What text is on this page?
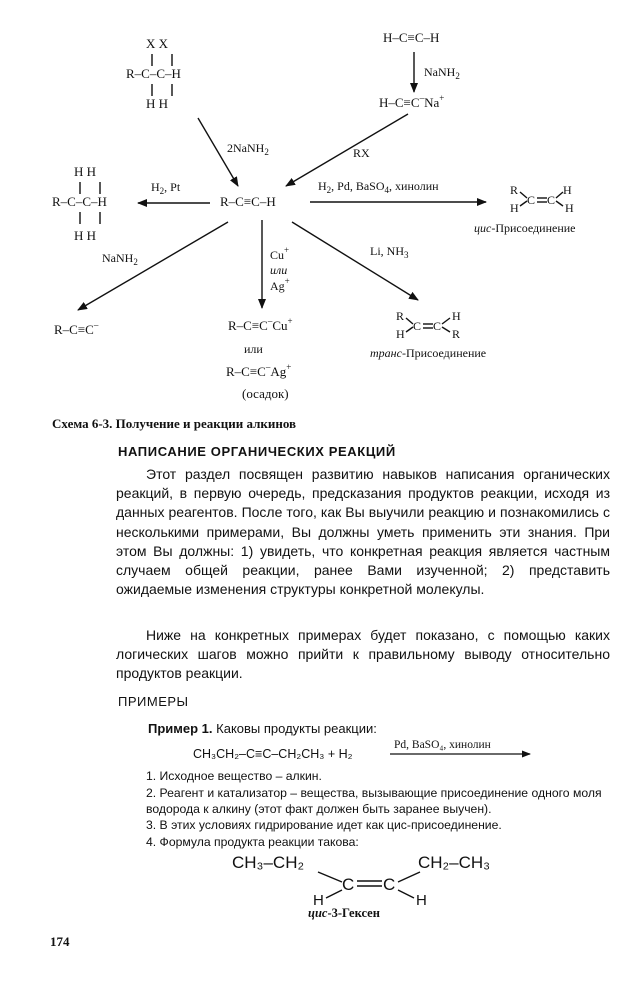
X X
R–C–C–H
H H
H–C≡C–H
NaNH$_2$
H–C≡C–Na+
2NaNH$_2$	RX
R–C≡C–H
$H_2$, Pt
H H
R–C–C–H
H H
$H_2$, Pd, BaSO$_4$, хинолин	R
H
C C
H
H
цис-Присоединение
NaNH$_2$
R–C≡C–
Cu+
или
Ag+
R–C≡C–Cu+
или
R–C≡C–Ag+
(осадок)
Li, $NH_3$
R
H
C C
H
R
транс-Присоединение
Схема 6-3. Получение и реакции алкинов
НАПИСАНИЕ ОРГАНИЧЕСКИХ РЕАКЦИЙ

Этот раздел посвящен развитию навыков написания органических реакций, в первую очередь, предсказания продуктов реакции, исходя из данных реагентов. После того, как Вы выучили реакцию и познакомились с несколькими примерами, Вы должны уметь применить эти знания. При этом Вы должны: 1) увидеть, что конкретная реакция является частным случаем общей реакции, ранее Вами изученной; 2) представить ожидаемые изменения структуры конкретной молекулы.

Ниже на конкретных примерах будет показано, с помощью каких логических шагов можно прийти к правильному выводу относительно продуктов реакции.

ПРИМЕРЫ
Пример 1. Каковы продукты реакции:
CH₃CH₂–C≡C–CH₂CH₃ + H₂
Pd, BaSO₄, хинолин

1. Исходное вещество – алкин.

2. Реагент и катализатор – вещества, вызывающие присоединение одного моля водорода к алкину (этот факт должен быть заранее выучен).

3. В этих условиях гидрирование идет как цис-присоединение.

4. Формула продукта реакции такова:

CH₃–CH₂	CH₂–CH₃
C C
H	H
цис-3-Гексен
174
